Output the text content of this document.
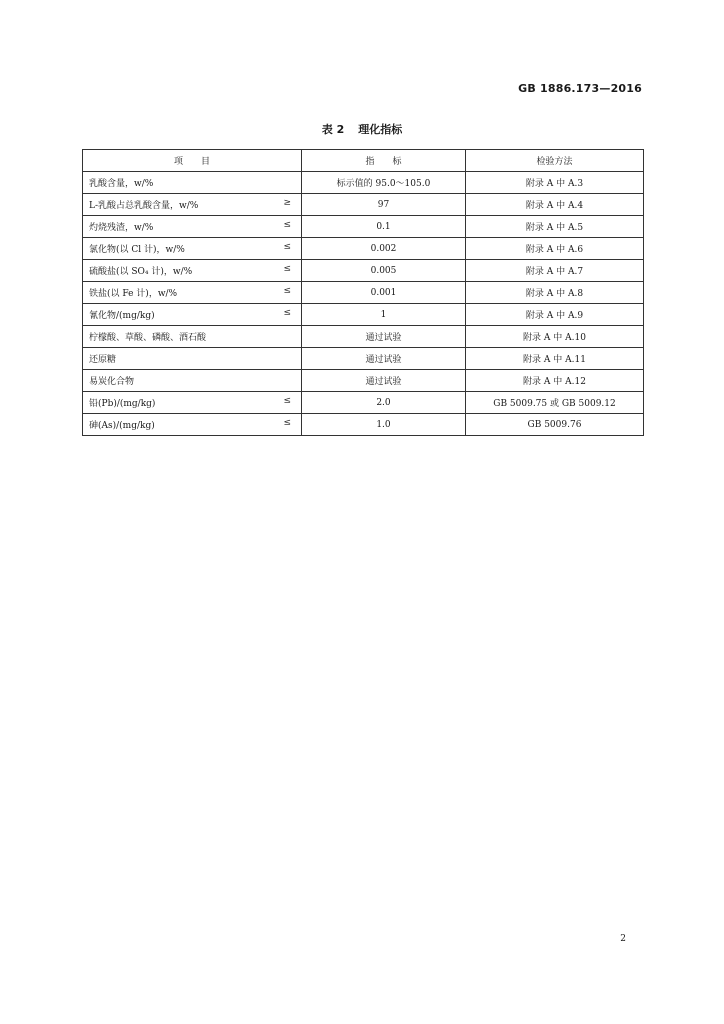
GB 1886.173—2016
表 2 理化指标
项　　目	指　　标	检验方法

乳酸含量，w/%	标示值的 95.0～105.0	附录 A 中 A.3

L-乳酸占总乳酸含量，w/% ≥	97	附录 A 中 A.4

灼烧残渣，w/% ≤	0.1	附录 A 中 A.5

氯化物(以 Cl 计)，w/% ≤	0.002	附录 A 中 A.6

硫酸盐(以 SO₄ 计)，w/% ≤	0.005	附录 A 中 A.7

铁盐(以 Fe 计)，w/% ≤	0.001	附录 A 中 A.8

氰化物/(mg/kg) ≤	1	附录 A 中 A.9

柠檬酸、草酸、磷酸、酒石酸	通过试验	附录 A 中 A.10

还原糖	通过试验	附录 A 中 A.11

易炭化合物	通过试验	附录 A 中 A.12

铅(Pb)/(mg/kg) ≤	2.0	GB 5009.75 或 GB 5009.12

砷(As)/(mg/kg) ≤	1.0	GB 5009.76
2
